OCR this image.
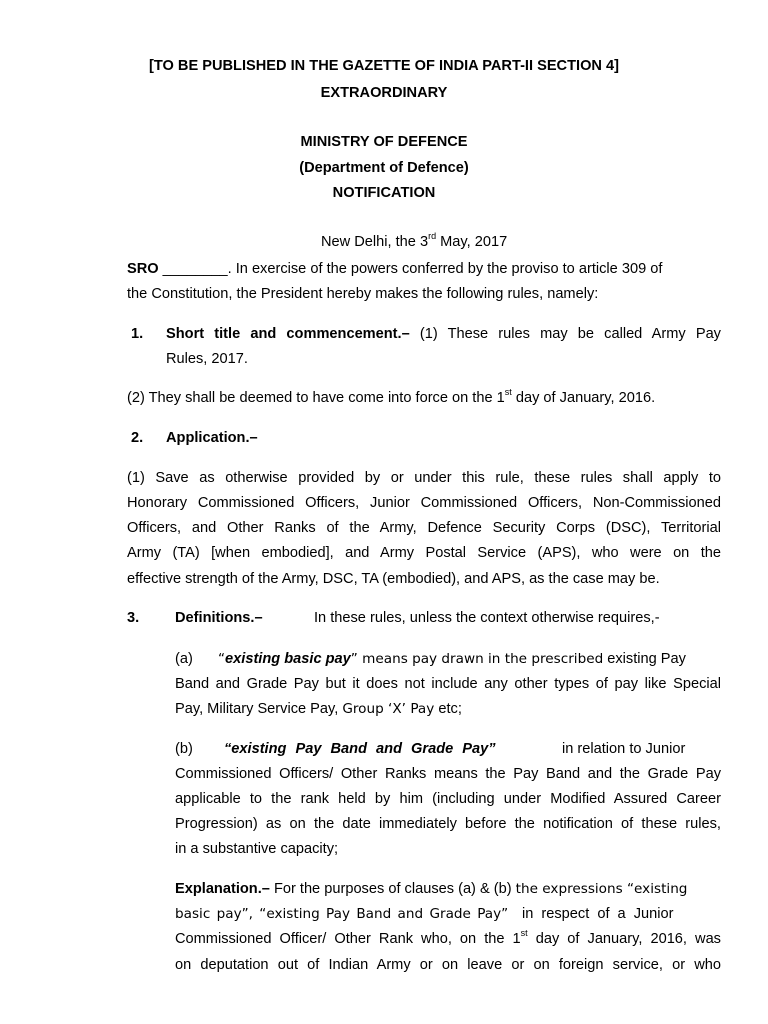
[TO BE PUBLISHED IN THE GAZETTE OF INDIA PART-II SECTION 4]
EXTRAORDINARY
MINISTRY OF DEFENCE
(Department of Defence)
NOTIFICATION
New Delhi, the 3rd May, 2017
SRO ________. In exercise of the powers conferred by the proviso to article 309 of
the Constitution, the President hereby makes the following rules, namely:
1. Short title and commencement.– (1) These rules may be called Army Pay
Rules, 2017.
(2) They shall be deemed to have come into force on the 1st day of January, 2016.
2. Application.–
(1) Save as otherwise provided by or under this rule, these rules shall apply to
Honorary Commissioned Officers, Junior Commissioned Officers, Non-Commissioned
Officers, and Other Ranks of the Army, Defence Security Corps (DSC), Territorial
Army (TA) [when embodied], and Army Postal Service (APS), who were on the
effective strength of the Army, DSC, TA (embodied), and APS, as the case may be.
3. Definitions.–	In these rules, unless the context otherwise requires,-
(a) “existing basic pay” means pay drawn in the prescribed existing Pay
Band and Grade Pay but it does not include any other types of pay like Special
Pay, Military Service Pay, Group ‘X’ Pay etc;
(b) “existing Pay Band and Grade Pay”	in relation to Junior
Commissioned Officers/ Other Ranks means the Pay Band and the Grade Pay
applicable to the rank held by him (including under Modified Assured Career
Progression) as on the date immediately before the notification of these rules,
in a substantive capacity;
Explanation.– For the purposes of clauses (a) & (b) the expressions “existing
basic pay”, “existing Pay Band and Grade Pay” in respect of a Junior
Commissioned Officer/ Other Rank who, on the 1st day of January, 2016, was
on deputation out of Indian Army or on leave or on foreign service, or who
